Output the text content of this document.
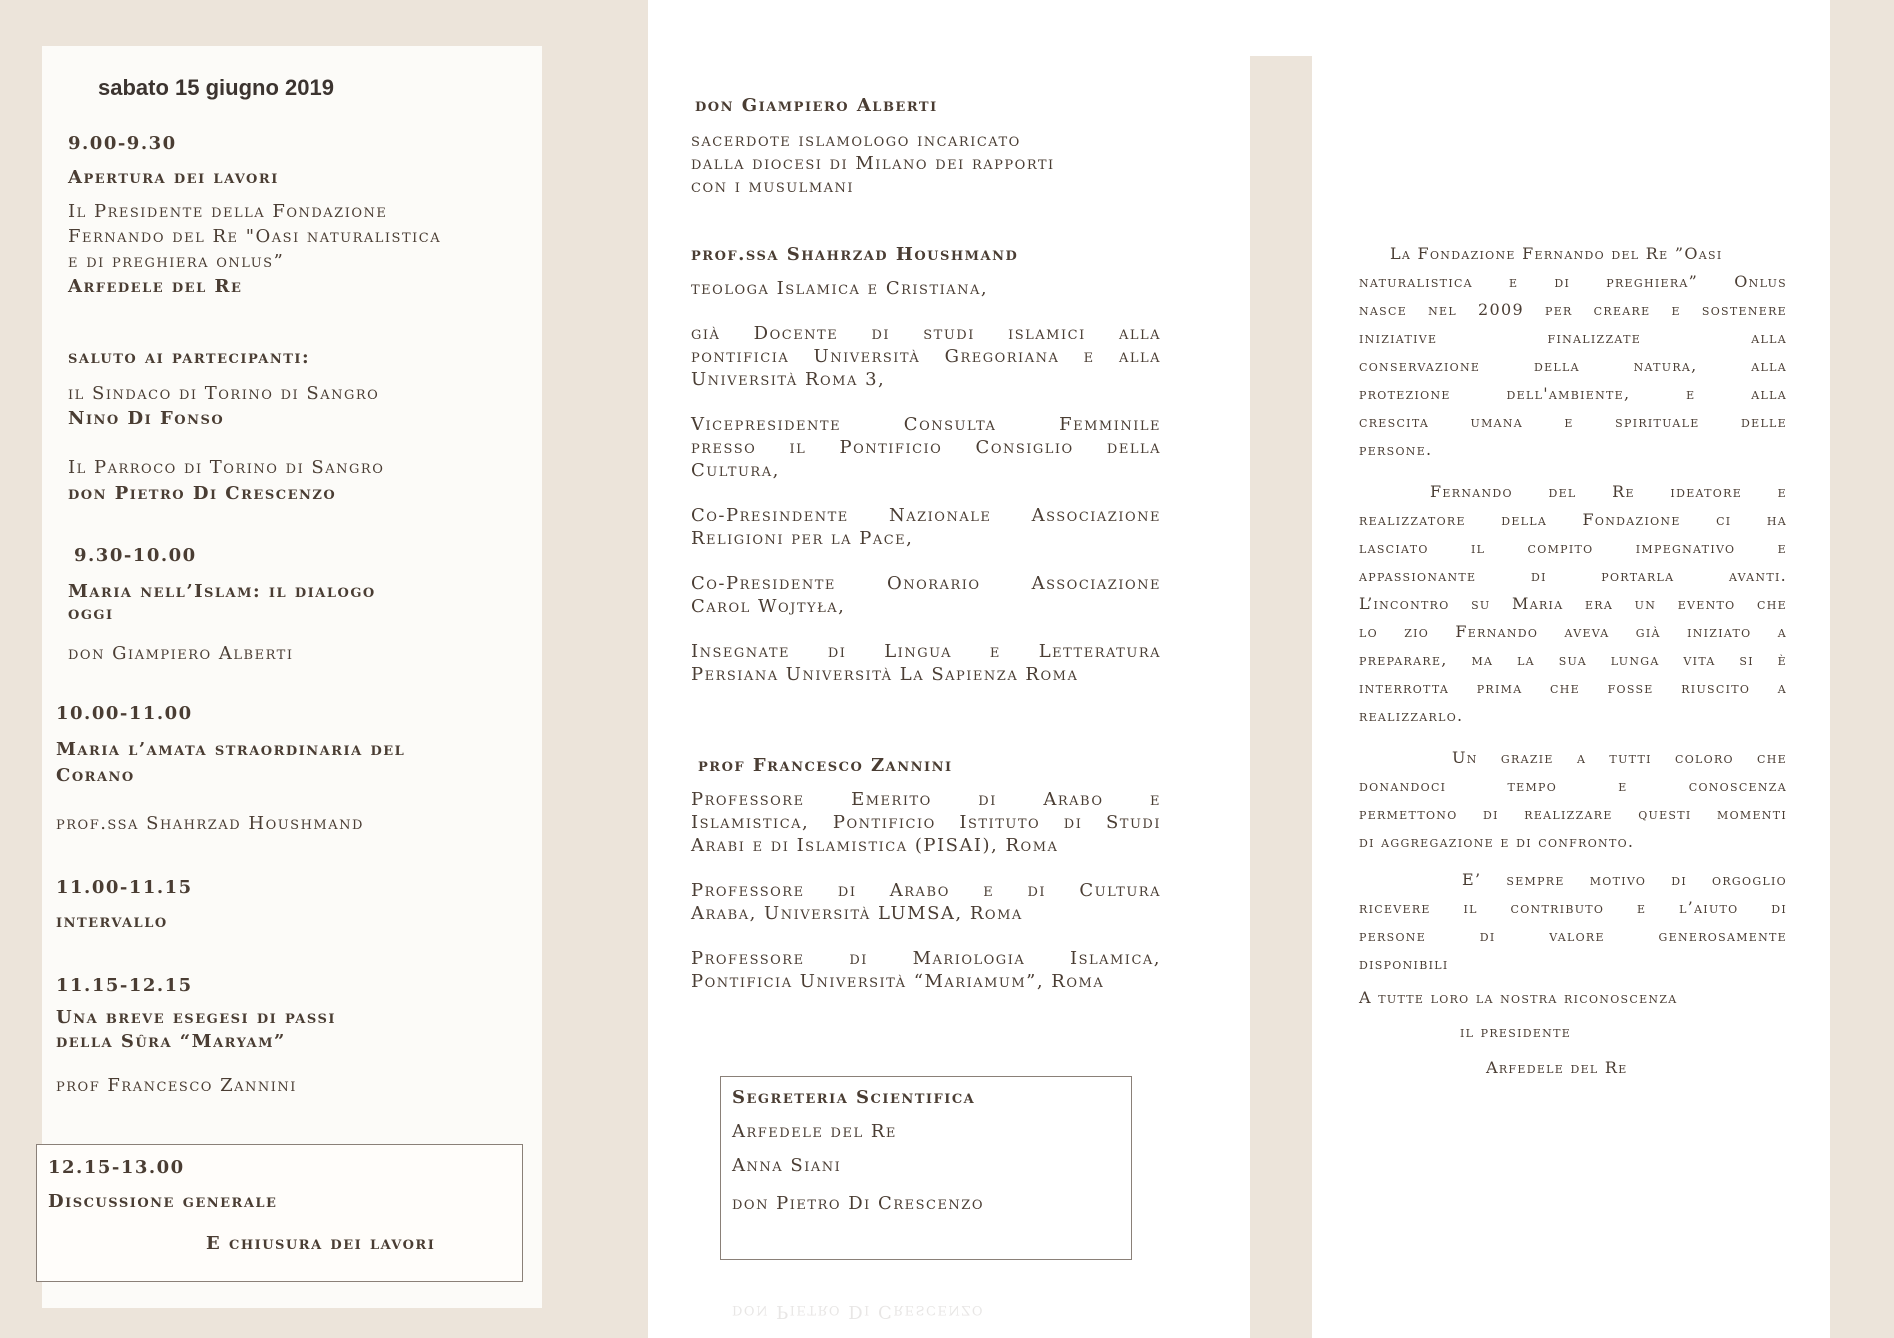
sabato 15 giugno 2019
9.00-9.30
Apertura dei lavori
Il Presidente della Fondazione
Fernando del Re "Oasi naturalistica
e di preghiera onlus”
Arfedele del Re
saluto ai partecipanti:
il Sindaco di Torino di Sangro
Nino Di Fonso
Il Parroco di Torino di Sangro
don Pietro Di Crescenzo
9.30-10.00
Maria nell’Islam: il dialogo
oggi
don Giampiero Alberti
10.00-11.00
Maria l’amata straordinaria del
Corano
prof.ssa Shahrzad Houshmand
11.00-11.15
intervallo
11.15-12.15
Una breve esegesi di passi
della Sûra “Maryam”
prof Francesco Zannini
12.15-13.00
Discussione generale
E chiusura dei lavori
don Giampiero Alberti
sacerdote islamologo incaricato
dalla diocesi di Milano dei rapporti
con i musulmani
prof.ssa Shahrzad Houshmand
teologa Islamica e Cristiana,
già Docente di studi islamici alla
pontificia Università Gregoriana e alla
Università Roma 3,
Vicepresidente Consulta Femminile
presso il Pontificio Consiglio della
Cultura,
Co-Presindente Nazionale Associazione
Religioni per la Pace,
Co-Presidente Onorario Associazione
Carol Wojtyła,
Insegnate di Lingua e Letteratura
Persiana Università La Sapienza Roma
prof Francesco Zannini
Professore Emerito di Arabo e
Islamistica, Pontificio Istituto di Studi
Arabi e di Islamistica (PISAI), Roma
Professore di Arabo e di Cultura
Araba, Università LUMSA, Roma
Professore di Mariologia Islamica,
Pontificia Università “Mariamum”, Roma
Segreteria Scientifica
Arfedele del Re
Anna Siani
don Pietro Di Crescenzo
don Pietro Di Crescenzo
La Fondazione Fernando del Re ”Oasi
naturalistica e di preghiera” Onlus
nasce nel 2009 per creare e sostenere
iniziative finalizzate alla
conservazione della natura, alla
protezione dell'ambiente, e alla
crescita umana e spirituale delle
persone.
Fernando del Re ideatore e
realizzatore della Fondazione ci ha
lasciato il compito impegnativo e
appassionante di portarla avanti.
L’incontro su Maria era un evento che
lo zio Fernando aveva già iniziato a
preparare, ma la sua lunga vita si è
interrotta prima che fosse riuscito a
realizzarlo.
Un grazie a tutti coloro che
donandoci tempo e conoscenza
permettono di realizzare questi momenti
di aggregazione e di confronto.
E’ sempre motivo di orgoglio
ricevere il contributo e l’aiuto di
persone di valore generosamente
disponibili
A tutte loro la nostra riconoscenza
il presidente
Arfedele del Re
